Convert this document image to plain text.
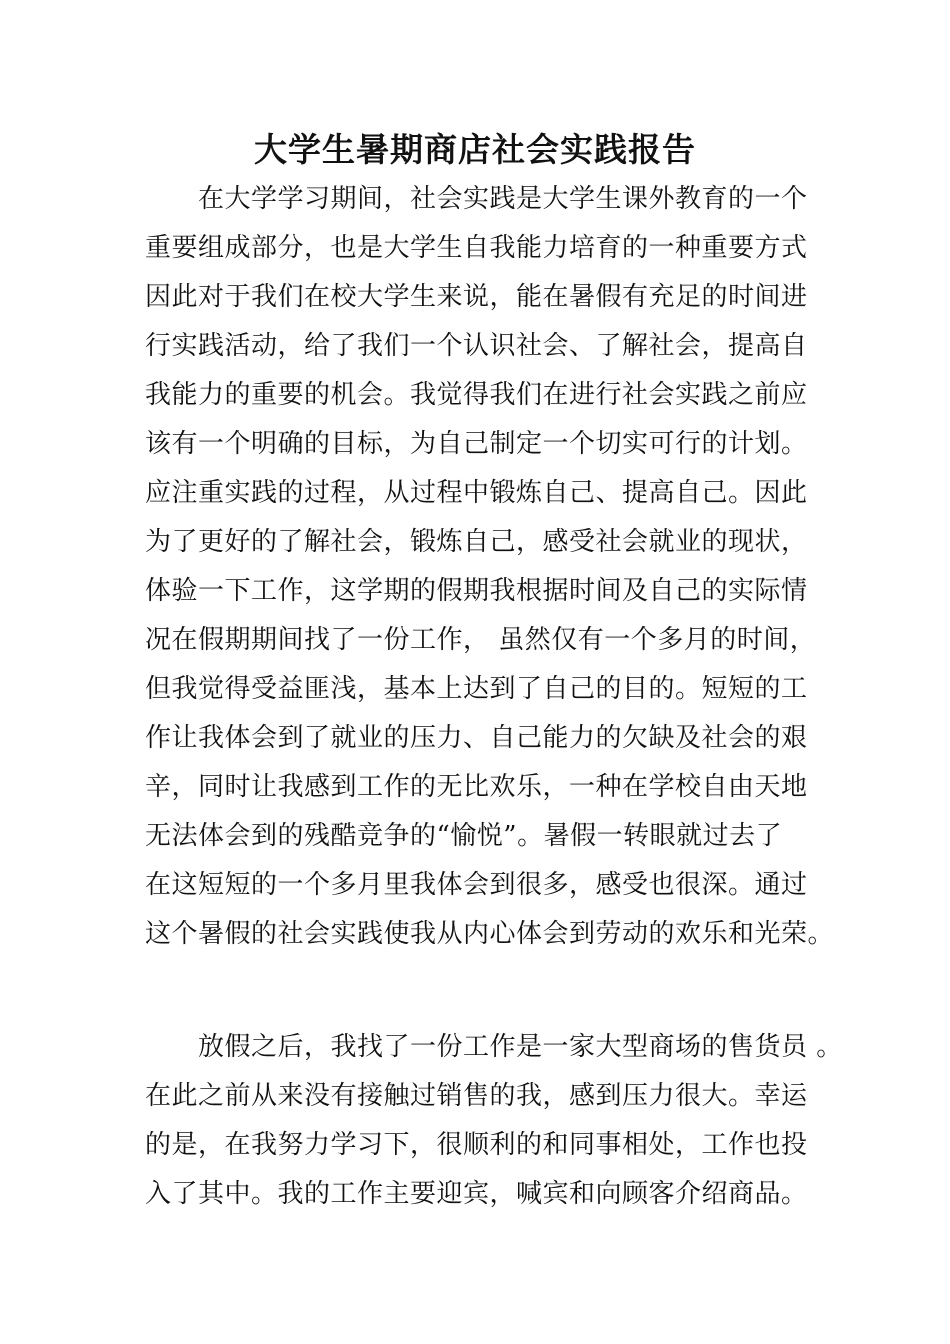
大学生暑期商店社会实践报告
在大学学习期间，社会实践是大学生课外教育的一个
重要组成部分，也是大学生自我能力培育的一种重要方式
因此对于我们在校大学生来说，能在暑假有充足的时间进
行实践活动，给了我们一个认识社会、了解社会，提高自
我能力的重要的机会。我觉得我们在进行社会实践之前应
该有一个明确的目标，为自己制定一个切实可行的计划。
应注重实践的过程，从过程中锻炼自己、提高自己。因此
为了更好的了解社会，锻炼自己，感受社会就业的现状，
体验一下工作，这学期的假期我根据时间及自己的实际情
况在假期期间找了一份工作， 虽然仅有一个多月的时间，
但我觉得受益匪浅，基本上达到了自己的目的。短短的工
作让我体会到了就业的压力、自己能力的欠缺及社会的艰
辛，同时让我感到工作的无比欢乐，一种在学校自由天地
无法体会到的残酷竞争的“愉悦”。暑假一转眼就过去了
在这短短的一个多月里我体会到很多，感受也很深。通过
这个暑假的社会实践使我从内心体会到劳动的欢乐和光荣。
放假之后，我找了一份工作是一家大型商场的售货员 。
在此之前从来没有接触过销售的我，感到压力很大。幸运
的是，在我努力学习下，很顺利的和同事相处，工作也投
入了其中。我的工作主要迎宾，喊宾和向顾客介绍商品。
